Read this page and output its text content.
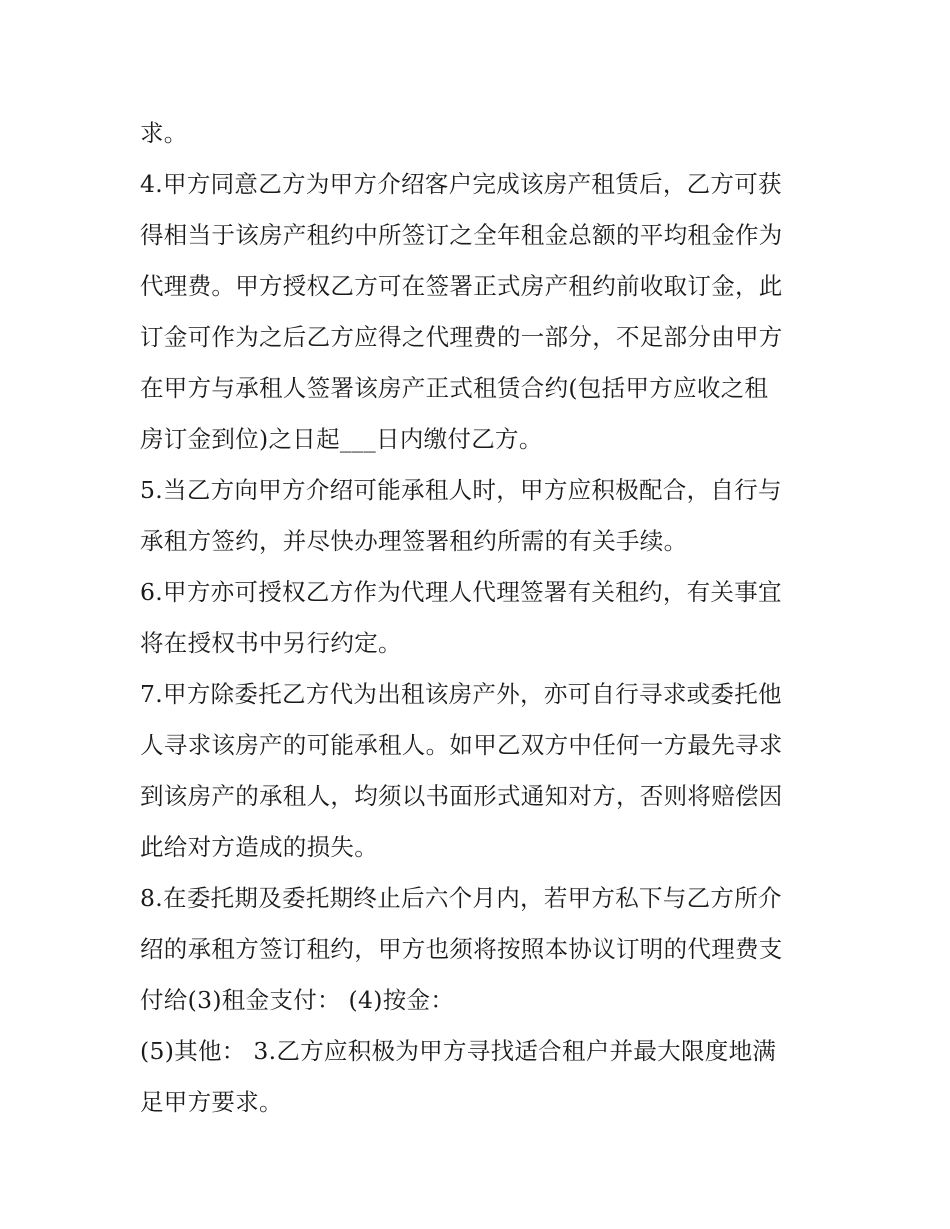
求。
4.甲方同意乙方为甲方介绍客户完成该房产租赁后，乙方可获
得相当于该房产租约中所签订之全年租金总额的平均租金作为
代理费。甲方授权乙方可在签署正式房产租约前收取订金，此
订金可作为之后乙方应得之代理费的一部分，不足部分由甲方
在甲方与承租人签署该房产正式租赁合约(包括甲方应收之租
房订金到位)之日起___日内缴付乙方。
5.当乙方向甲方介绍可能承租人时，甲方应积极配合，自行与
承租方签约，并尽快办理签署租约所需的有关手续。
6.甲方亦可授权乙方作为代理人代理签署有关租约，有关事宜
将在授权书中另行约定。
7.甲方除委托乙方代为出租该房产外，亦可自行寻求或委托他
人寻求该房产的可能承租人。如甲乙双方中任何一方最先寻求
到该房产的承租人，均须以书面形式通知对方，否则将赔偿因
此给对方造成的损失。
8.在委托期及委托期终止后六个月内，若甲方私下与乙方所介
绍的承租方签订租约，甲方也须将按照本协议订明的代理费支
付给(3)租金支付： (4)按金：
(5)其他： 3.乙方应积极为甲方寻找适合租户并最大限度地满
足甲方要求。
